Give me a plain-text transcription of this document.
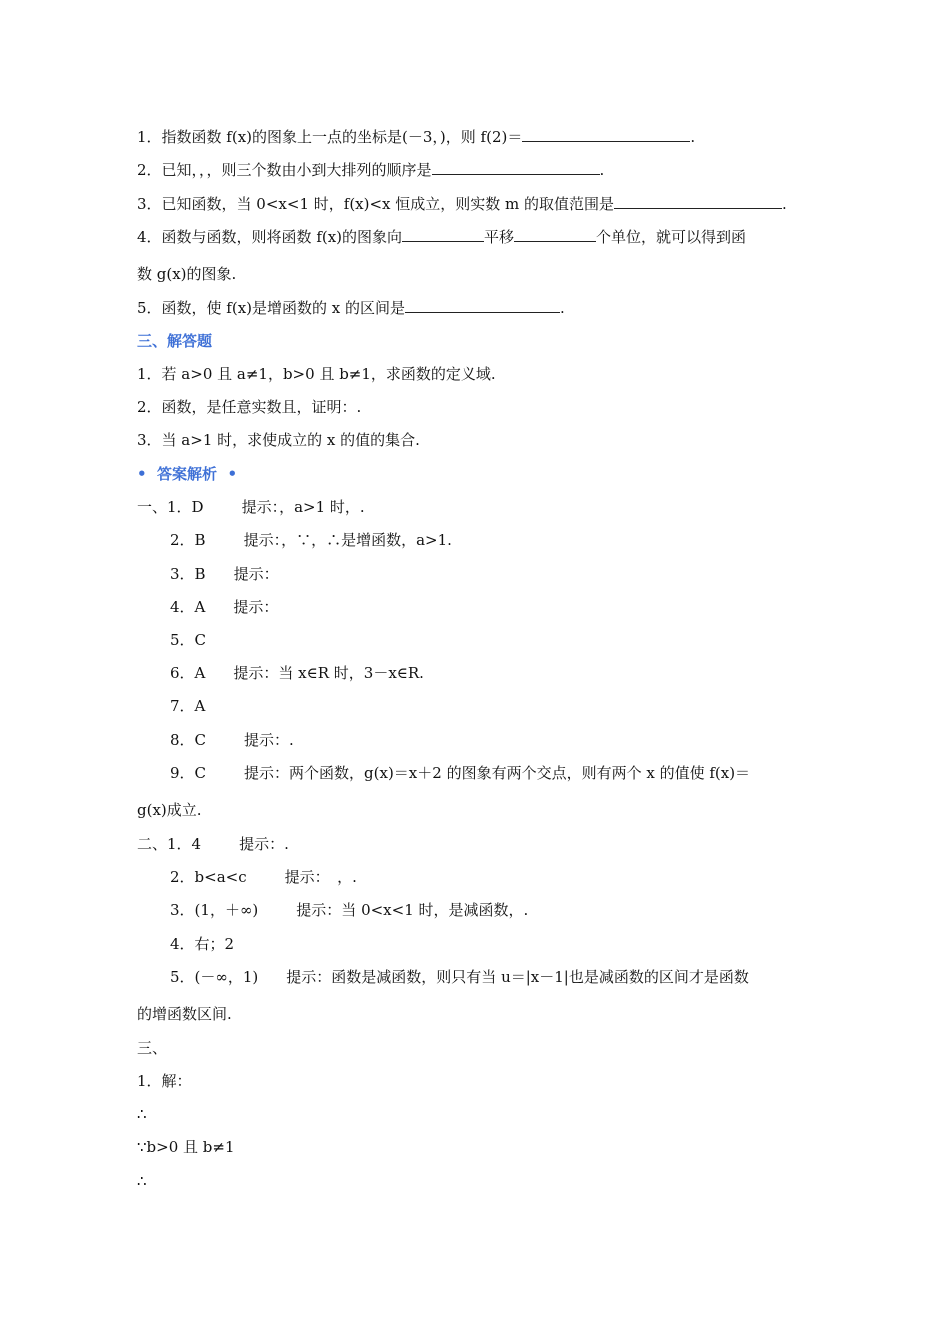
1．指数函数 f(x)的图象上一点的坐标是(－3，)，则 f(2)＝	.
2．已知，，，则三个数由小到大排列的顺序是	.
3．已知函数，当 0<x<1 时，f(x)<x 恒成立，则实数 m 的取值范围是	.
4．函数与函数，则将函数 f(x)的图象向	平移	个单位，就可以得到函
数 g(x)的图象.
5．函数，使 f(x)是增函数的 x 的区间是	.
三、解答题
1．若 a>0 且 a≠1，b>0 且 b≠1，求函数的定义域.
2．函数，是任意实数且，证明：.
3．当 a>1 时，求使成立的 x 的值的集合.
• 答案解析 •
一、1．D	提示：，a>1 时，.
2．B	提示：，∵，∴是增函数，a>1.
3．B 提示：
4．A 提示：
5．C
6．A 提示：当 x∈R 时，3－x∈R.
7．A
8．C	提示：.
9．C	提示：两个函数，g(x)＝x＋2 的图象有两个交点，则有两个 x 的值使 f(x)＝
g(x)成立.
二、1．4	提示：.
2．b<a<c	提示：　，.
3．(1，＋∞)	提示：当 0<x<1 时，是减函数，.
4．右；2
5．(－∞，1) 提示：函数是减函数，则只有当 u＝|x－1|也是减函数的区间才是函数
的增函数区间.
三、
1．解：
∴
∵b>0 且 b≠1
∴
